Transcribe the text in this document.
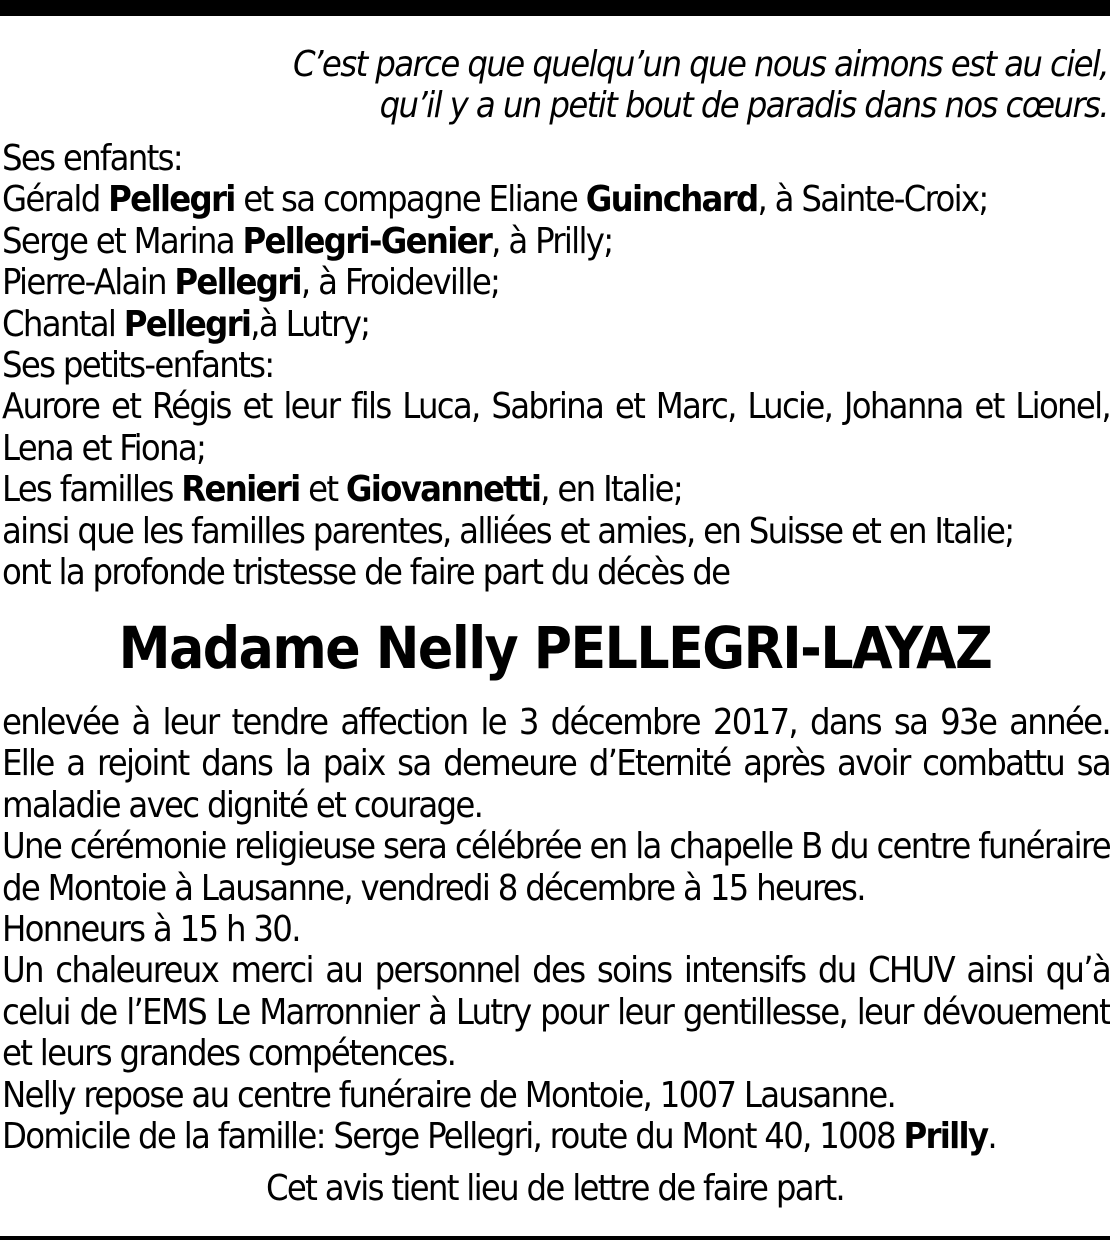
C’est parce que quelqu’un que nous aimons est au ciel,
qu’il y a un petit bout de paradis dans nos cœurs.
Ses enfants:
Gérald Pellegri et sa compagne Eliane Guinchard, à Sainte-Croix;
Serge et Marina Pellegri-Genier, à Prilly;
Pierre-Alain Pellegri, à Froideville;
Chantal Pellegri,à Lutry;
Ses petits-enfants:
Aurore et Régis et leur fils Luca, Sabrina et Marc, Lucie, Johanna et Lionel,
Lena et Fiona;
Les familles Renieri et Giovannetti, en Italie;
ainsi que les familles parentes, alliées et amies, en Suisse et en Italie;
ont la profonde tristesse de faire part du décès de
Madame Nelly PELLEGRI-LAYAZ
enlevée à leur tendre affection le 3 décembre 2017, dans sa 93e année.
Elle a rejoint dans la paix sa demeure d’Eternité après avoir combattu sa
maladie avec dignité et courage.
Une cérémonie religieuse sera célébrée en la chapelle B du centre funéraire
de Montoie à Lausanne, vendredi 8 décembre à 15 heures.
Honneurs à 15 h 30.
Un chaleureux merci au personnel des soins intensifs du CHUV ainsi qu’à
celui de l’EMS Le Marronnier à Lutry pour leur gentillesse, leur dévouement
et leurs grandes compétences.
Nelly repose au centre funéraire de Montoie, 1007 Lausanne.
Domicile de la famille: Serge Pellegri, route du Mont 40, 1008 Prilly.
Cet avis tient lieu de lettre de faire part.
